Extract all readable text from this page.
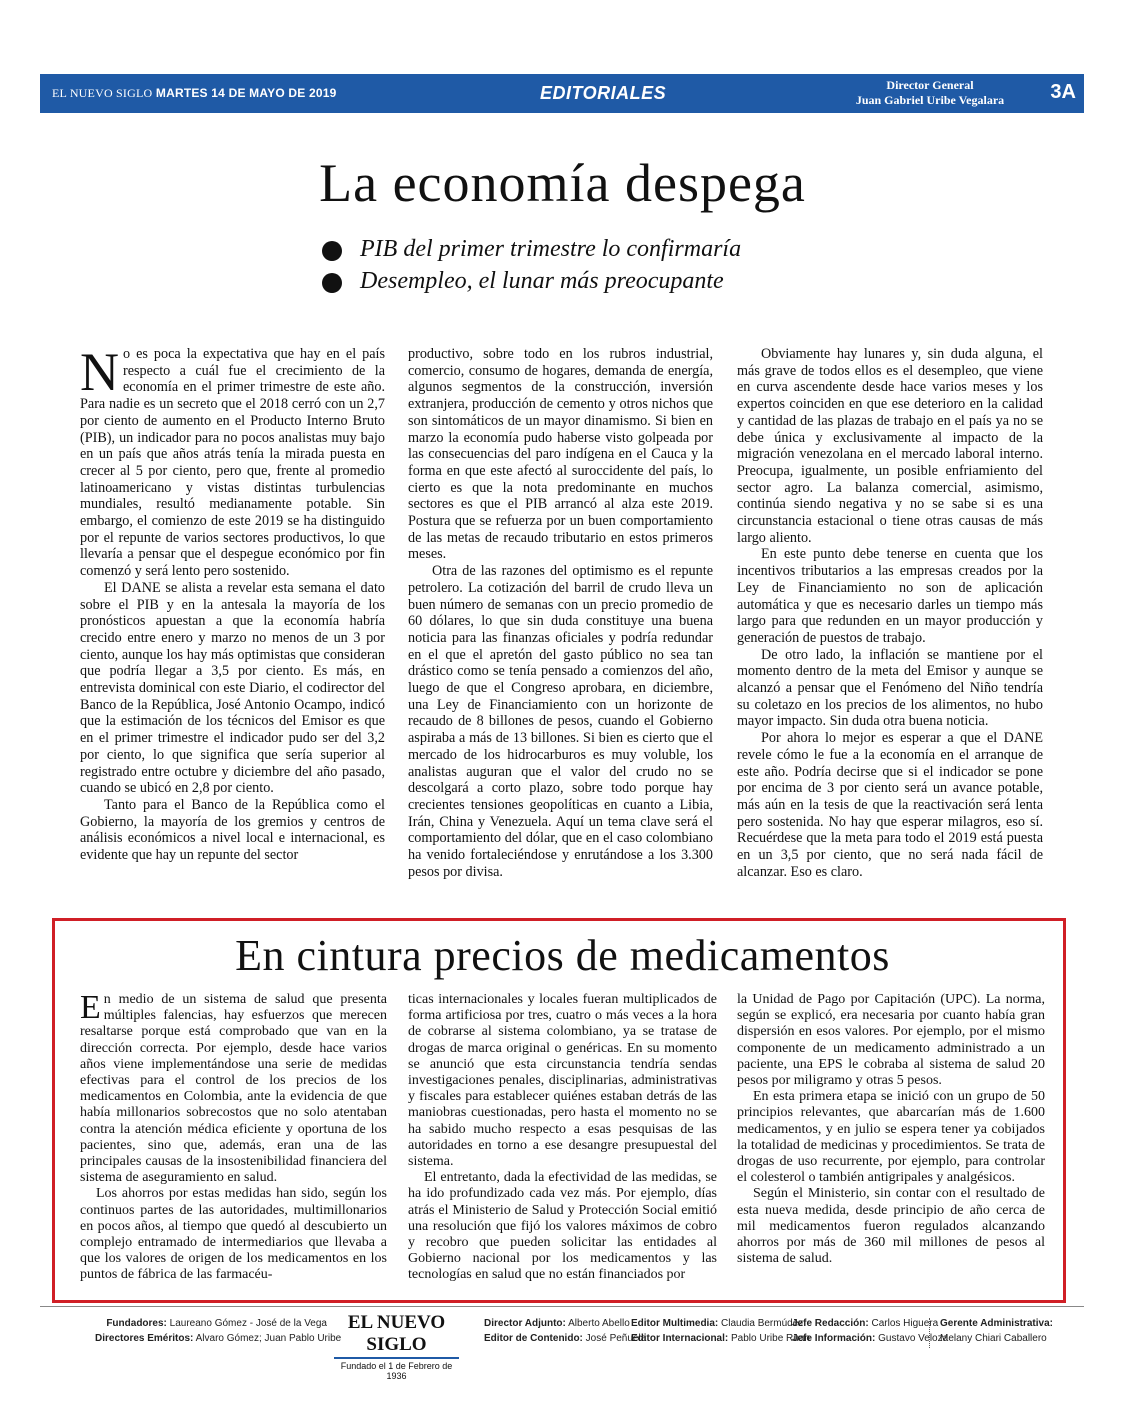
EL NUEVO SIGLO MARTES 14 DE MAYO DE 2019	EDITORIALES	Director General
Juan Gabriel Uribe Vegalara	3A
La economía despega
PIB del primer trimestre lo confirmaría
Desempleo, el lunar más preocupante

No es poca la expectativa que hay en el país respecto a cuál fue el crecimiento de la economía en el primer trimestre de este año. Para nadie es un secreto que el 2018 cerró con un 2,7 por ciento de aumento en el Producto Interno Bruto (PIB), un indicador para no pocos analistas muy bajo en un país que años atrás tenía la mirada puesta en crecer al 5 por ciento, pero que, frente al promedio latinoamericano y vistas distintas turbulencias mundiales, resultó medianamente potable. Sin embargo, el comienzo de este 2019 se ha distinguido por el repunte de varios sectores productivos, lo que llevaría a pensar que el despegue económico por fin comenzó y será lento pero sostenido.

El DANE se alista a revelar esta semana el dato sobre el PIB y en la antesala la mayoría de los pronósticos apuestan a que la economía habría crecido entre enero y marzo no menos de un 3 por ciento, aunque los hay más optimistas que consideran que podría llegar a 3,5 por ciento. Es más, en entrevista dominical con este Diario, el codirector del Banco de la República, José Antonio Ocampo, indicó que la estimación de los técnicos del Emisor es que en el primer trimestre el indicador pudo ser del 3,2 por ciento, lo que significa que sería superior al registrado entre octubre y diciembre del año pasado, cuando se ubicó en 2,8 por ciento.

Tanto para el Banco de la República como el Gobierno, la mayoría de los gremios y centros de análisis económicos a nivel local e internacional, es evidente que hay un repunte del sector

productivo, sobre todo en los rubros industrial, comercio, consumo de hogares, demanda de energía, algunos segmentos de la construcción, inversión extranjera, producción de cemento y otros nichos que son sintomáticos de un mayor dinamismo. Si bien en marzo la economía pudo haberse visto golpeada por las consecuencias del paro indígena en el Cauca y la forma en que este afectó al suroccidente del país, lo cierto es que la nota predominante en muchos sectores es que el PIB arrancó al alza este 2019. Postura que se refuerza por un buen comportamiento de las metas de recaudo tributario en estos primeros meses.

Otra de las razones del optimismo es el repunte petrolero. La cotización del barril de crudo lleva un buen número de semanas con un precio promedio de 60 dólares, lo que sin duda constituye una buena noticia para las finanzas oficiales y podría redundar en el que el apretón del gasto público no sea tan drástico como se tenía pensado a comienzos del año, luego de que el Congreso aprobara, en diciembre, una Ley de Financiamiento con un horizonte de recaudo de 8 billones de pesos, cuando el Gobierno aspiraba a más de 13 billones. Si bien es cierto que el mercado de los hidrocarburos es muy voluble, los analistas auguran que el valor del crudo no se descolgará a corto plazo, sobre todo porque hay crecientes tensiones geopolíticas en cuanto a Libia, Irán, China y Venezuela. Aquí un tema clave será el comportamiento del dólar, que en el caso colombiano ha venido fortaleciéndose y enrutándose a los 3.300 pesos por divisa.

Obviamente hay lunares y, sin duda alguna, el más grave de todos ellos es el desempleo, que viene en curva ascendente desde hace varios meses y los expertos coinciden en que ese deterioro en la calidad y cantidad de las plazas de trabajo en el país ya no se debe única y exclusivamente al impacto de la migración venezolana en el mercado laboral interno. Preocupa, igualmente, un posible enfriamiento del sector agro. La balanza comercial, asimismo, continúa siendo negativa y no se sabe si es una circunstancia estacional o tiene otras causas de más largo aliento.

En este punto debe tenerse en cuenta que los incentivos tributarios a las empresas creados por la Ley de Financiamiento no son de aplicación automática y que es necesario darles un tiempo más largo para que redunden en un mayor producción y generación de puestos de trabajo.

De otro lado, la inflación se mantiene por el momento dentro de la meta del Emisor y aunque se alcanzó a pensar que el Fenómeno del Niño tendría su coletazo en los precios de los alimentos, no hubo mayor impacto. Sin duda otra buena noticia.

Por ahora lo mejor es esperar a que el DANE revele cómo le fue a la economía en el arranque de este año. Podría decirse que si el indicador se pone por encima de 3 por ciento será un avance potable, más aún en la tesis de que la reactivación será lenta pero sostenida. No hay que esperar milagros, eso sí. Recuérdese que la meta para todo el 2019 está puesta en un 3,5 por ciento, que no será nada fácil de alcanzar. Eso es claro.

En cintura precios de medicamentos

En medio de un sistema de salud que presenta múltiples falencias, hay esfuerzos que merecen resaltarse porque está comprobado que van en la dirección correcta. Por ejemplo, desde hace varios años viene implementándose una serie de medidas efectivas para el control de los precios de los medicamentos en Colombia, ante la evidencia de que había millonarios sobrecostos que no solo atentaban contra la atención médica eficiente y oportuna de los pacientes, sino que, además, eran una de las principales causas de la insostenibilidad financiera del sistema de aseguramiento en salud.

Los ahorros por estas medidas han sido, según los continuos partes de las autoridades, multimillonarios en pocos años, al tiempo que quedó al descubierto un complejo entramado de intermediarios que llevaba a que los valores de origen de los medicamentos en los puntos de fábrica de las farmacéu-

ticas internacionales y locales fueran multiplicados de forma artificiosa por tres, cuatro o más veces a la hora de cobrarse al sistema colombiano, ya se tratase de drogas de marca original o genéricas. En su momento se anunció que esta circunstancia tendría sendas investigaciones penales, disciplinarias, administrativas y fiscales para establecer quiénes estaban detrás de las maniobras cuestionadas, pero hasta el momento no se ha sabido mucho respecto a esas pesquisas de las autoridades en torno a ese desangre presupuestal del sistema.

El entretanto, dada la efectividad de las medidas, se ha ido profundizado cada vez más. Por ejemplo, días atrás el Ministerio de Salud y Protección Social emitió una resolución que fijó los valores máximos de cobro y recobro que pueden solicitar las entidades al Gobierno nacional por los medicamentos y las tecnologías en salud que no están financiados por

la Unidad de Pago por Capitación (UPC). La norma, según se explicó, era necesaria por cuanto había gran dispersión en esos valores. Por ejemplo, por el mismo componente de un medicamento administrado a un paciente, una EPS le cobraba al sistema de salud 20 pesos por miligramo y otras 5 pesos.

En esta primera etapa se inició con un grupo de 50 principios relevantes, que abarcarían más de 1.600 medicamentos, y en julio se espera tener ya cobijados la totalidad de medicinas y procedimientos. Se trata de drogas de uso recurrente, por ejemplo, para controlar el colesterol o también antigripales y analgésicos.

Según el Ministerio, sin contar con el resultado de esta nueva medida, desde principio de año cerca de mil medicamentos fueron regulados alcanzando ahorros por más de 360 mil millones de pesos al sistema de salud.

Fundadores: Laureano Gómez - José de la Vega
Directores Eméritos: Alvaro Gómez; Juan Pablo Uribe
EL NUEVO SIGLO
Fundado el 1 de Febrero de 1936
Director Adjunto: Alberto Abello
Editor de Contenido: José Peñuela
Editor Multimedia: Claudia Bermúdez
Editor Internacional: Pablo Uribe Ruan
Jefe Redacción: Carlos Higuera
Jefe Información: Gustavo Veloza
Gerente Administrativa:
Melany Chiari Caballero
